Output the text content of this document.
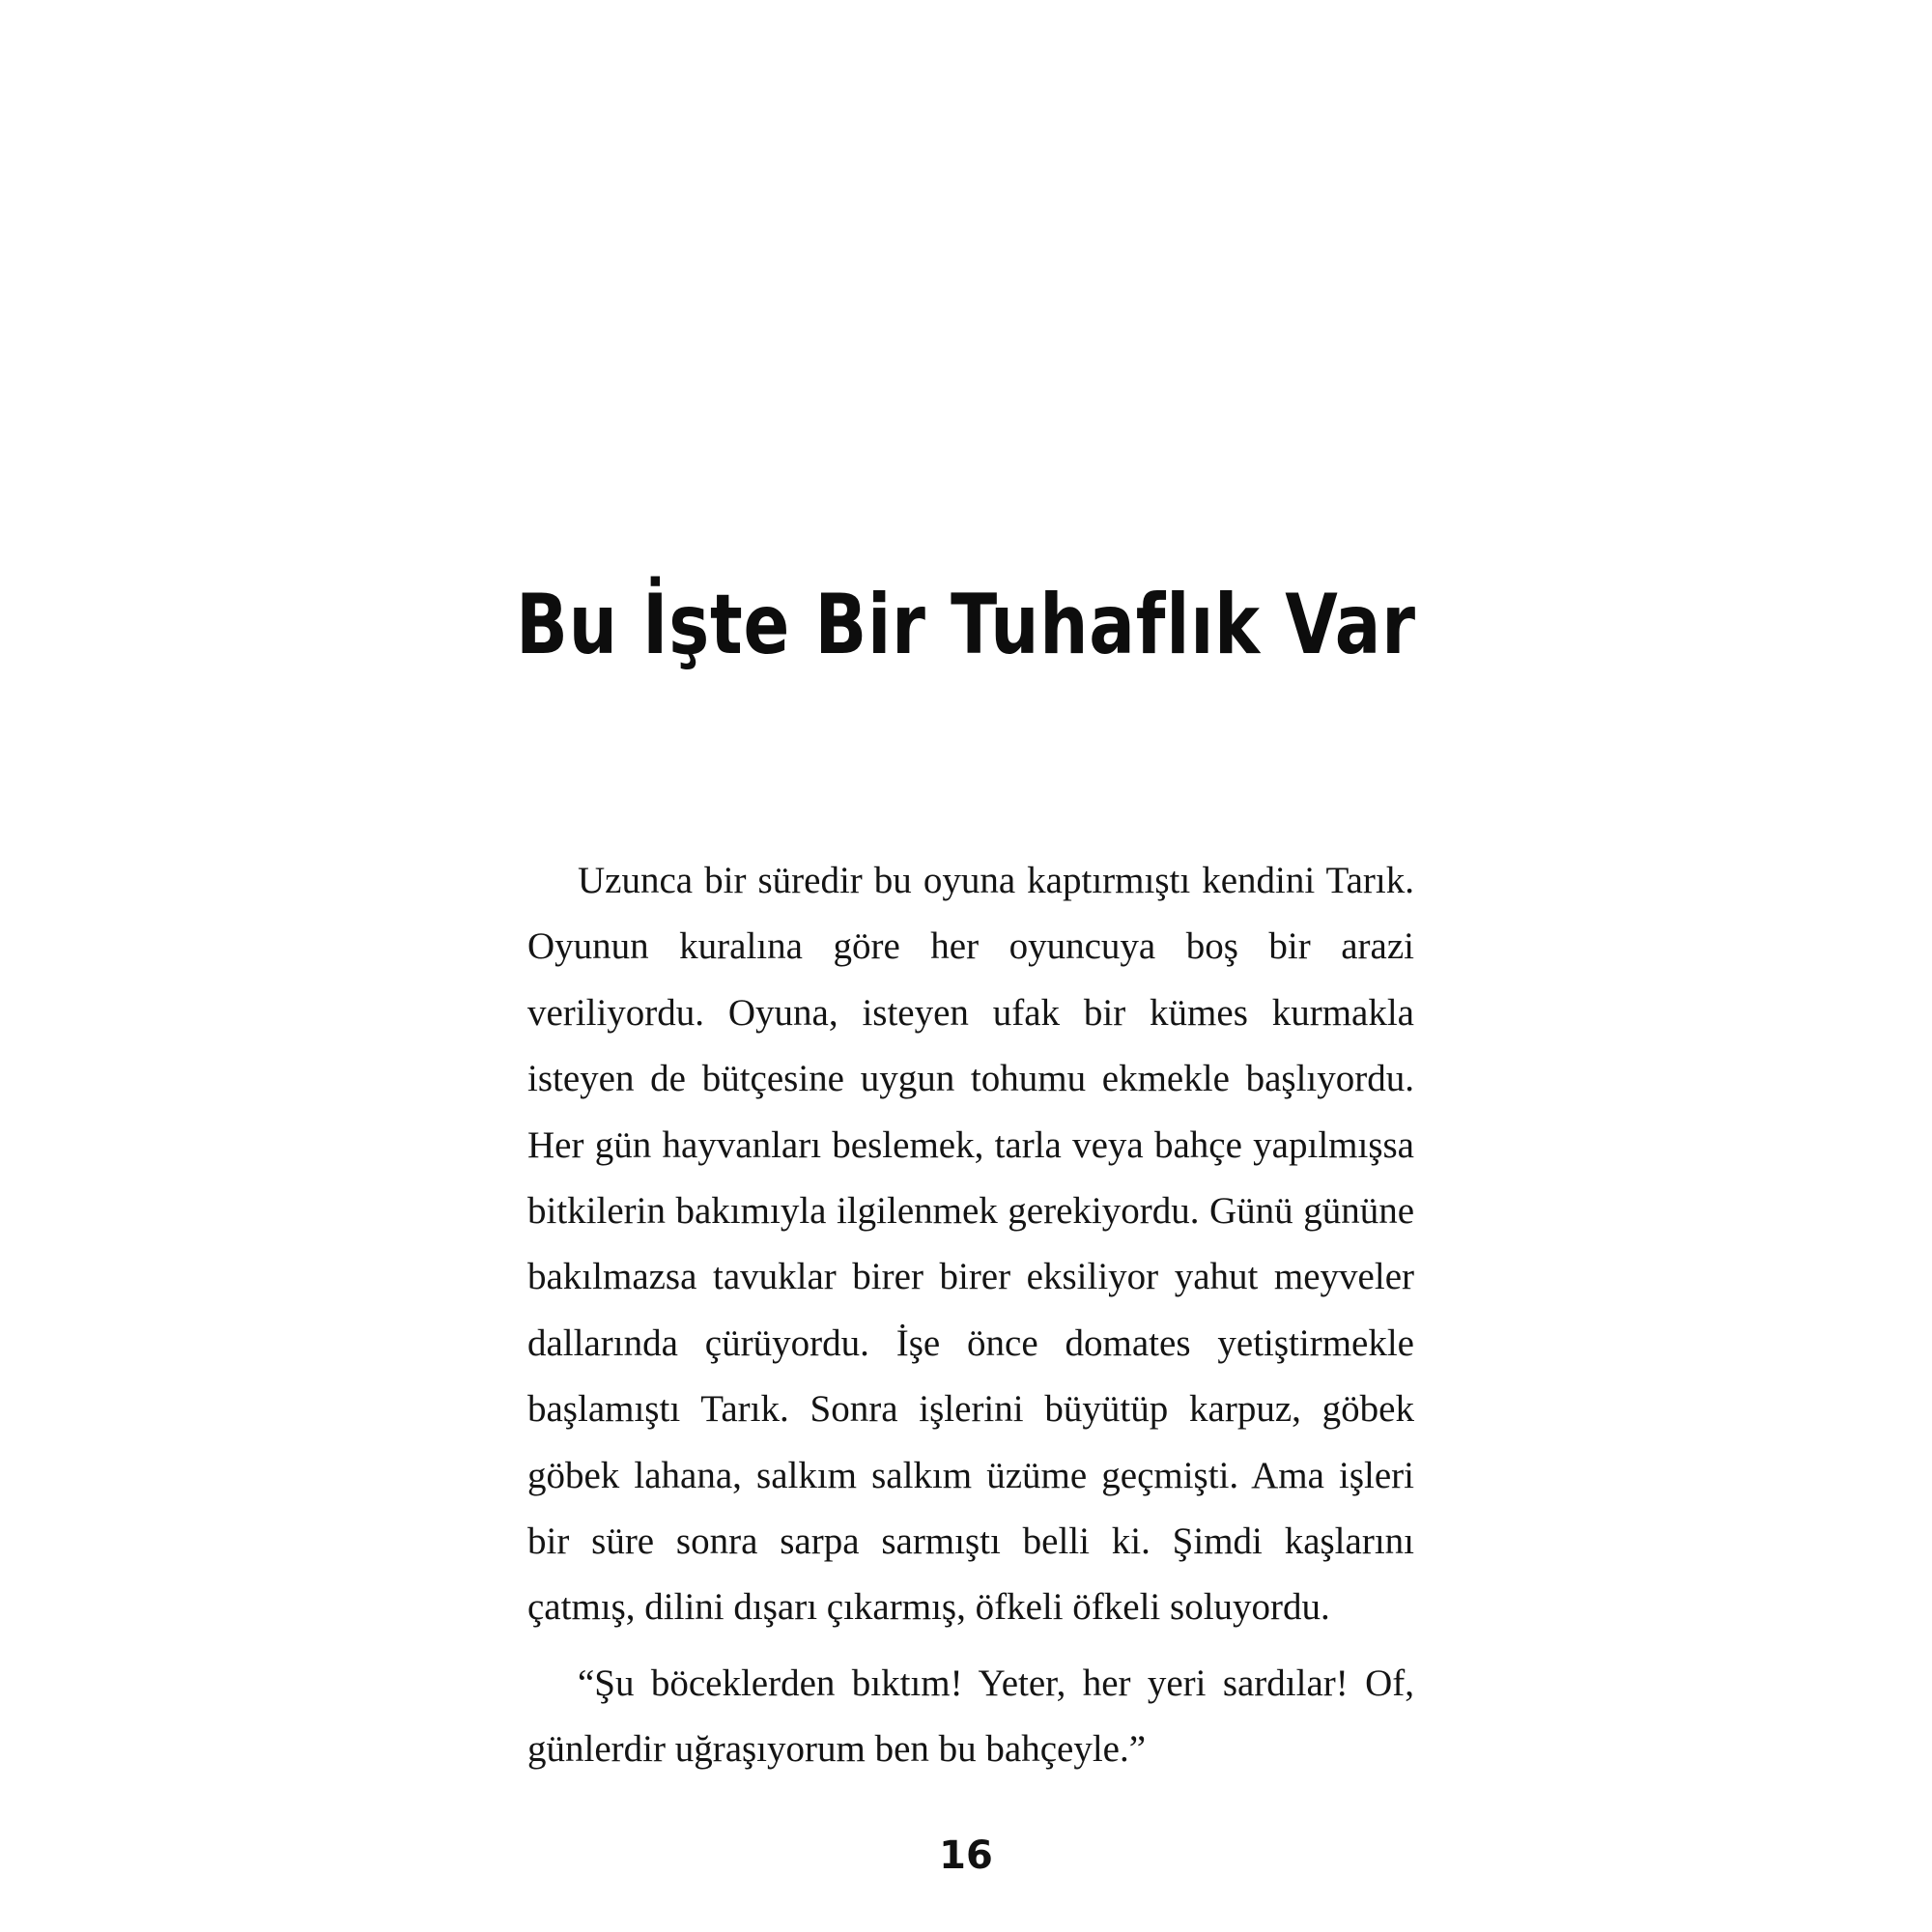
Bu İşte Bir Tuhaflık Var

Uzunca bir süredir bu oyuna kaptırmıştı kendini Tarık. Oyunun kuralına göre her oyuncuya boş bir arazi veriliyordu. Oyuna, isteyen ufak bir kümes kurmakla isteyen de bütçesine uygun tohumu ekmekle başlıyordu. Her gün hayvanları beslemek, tarla veya bahçe yapılmışsa bitkilerin bakımıyla ilgilenmek gerekiyordu. Günü gününe bakılmazsa tavuklar birer birer eksiliyor yahut meyveler dallarında çürüyordu. İşe önce domates yetiştirmekle başlamıştı Tarık. Sonra işlerini büyütüp karpuz, göbek göbek lahana, salkım salkım üzüme geçmişti. Ama işleri bir süre sonra sarpa sarmıştı belli ki. Şimdi kaşlarını çatmış, dilini dışarı çıkarmış, öfkeli öfkeli soluyordu.

“Şu böceklerden bıktım! Yeter, her yeri sardılar! Of, günlerdir uğraşıyorum ben bu bahçeyle.”

16
